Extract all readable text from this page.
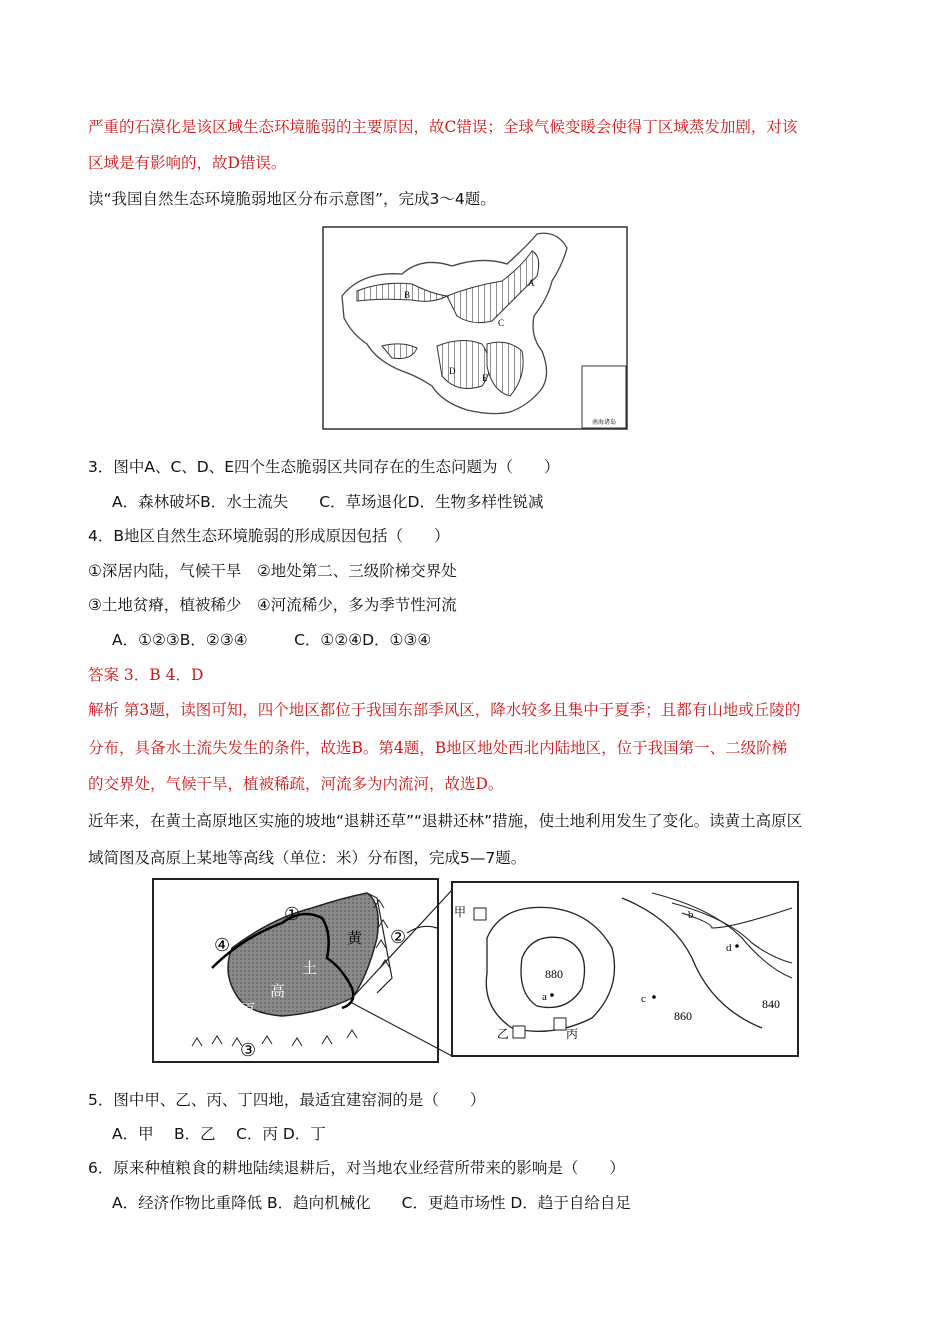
严重的石漠化是该区域生态环境脆弱的主要原因，故C错误；全球气候变暖会使得丁区域蒸发加剧，对该
区域是有影响的，故D错误。
读“我国自然生态环境脆弱地区分布示意图”，完成3～4题。
A
B
C
D
E
南海诸岛
3．图中A、C、D、E四个生态脆弱区共同存在的生态问题为（　　）
A．森林破坏B．水土流失　　C．草场退化D．生物多样性锐减
4．B地区自然生态环境脆弱的形成原因包括（　　）
①深居内陆，气候干旱　②地处第二、三级阶梯交界处
③土地贫瘠，植被稀少　④河流稀少，多为季节性河流
A．①②③B．②③④　　　C．①②④D．①③④
答案 3．B 4．D
解析 第3题，读图可知，四个地区都位于我国东部季风区，降水较多且集中于夏季；且都有山地或丘陵的
分布，具备水土流失发生的条件，故选B。第4题，B地区地处西北内陆地区，位于我国第一、二级阶梯
的交界处，气候干旱，植被稀疏，河流多为内流河，故选D。
近年来，在黄土高原地区实施的坡地“退耕还草”“退耕还林”措施，使土地利用发生了变化。读黄土高原区
域简图及高原上某地等高线（单位：米）分布图，完成5—7题。
黄
土
高
原
①
②
③
④
880
860
840
a
b
c
d
甲
乙	丙
5．图中甲、乙、丙、丁四地，最适宜建窑洞的是（　　）
A．甲　 B．乙　 C．丙 D．丁
6．原来种植粮食的耕地陆续退耕后，对当地农业经营所带来的影响是（　　）
A．经济作物比重降低 B．趋向机械化　　C．更趋市场性 D．趋于自给自足
